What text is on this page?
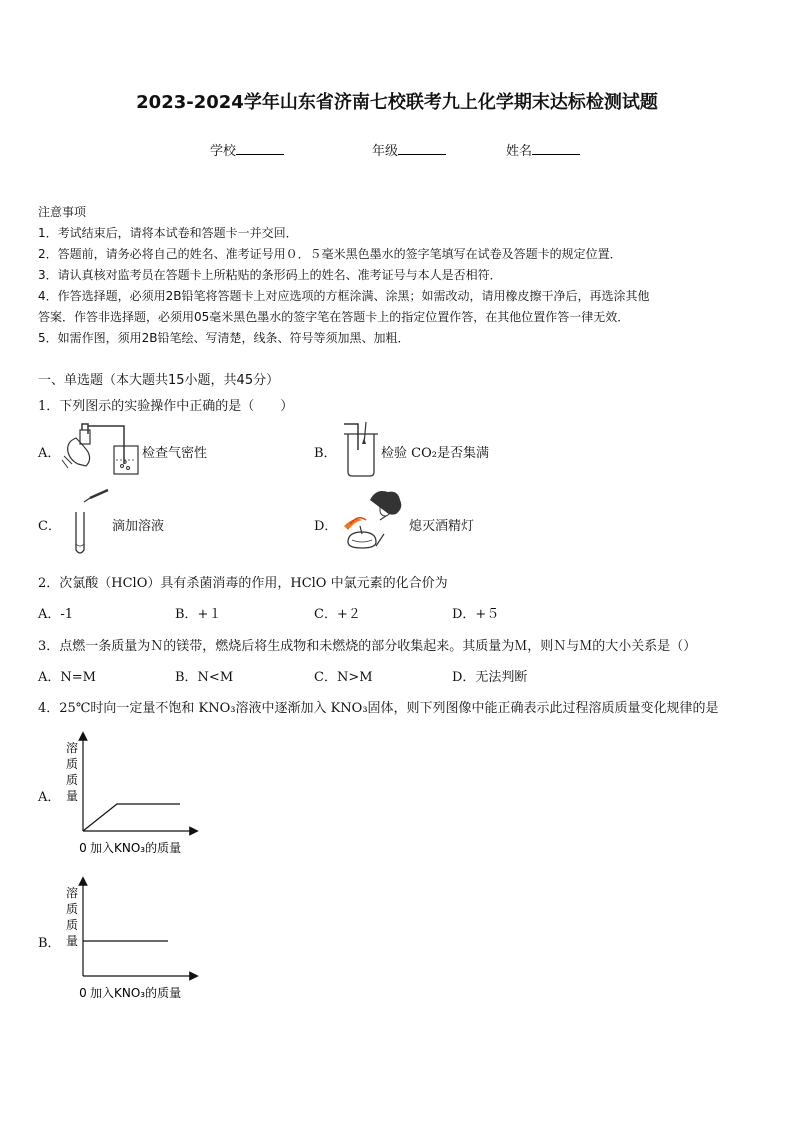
2023-2024学年山东省济南七校联考九上化学期末达标检测试题
学校	年级	姓名
注意事项
1．考试结束后，请将本试卷和答题卡一并交回．
2．答题前，请务必将自己的姓名、准考证号用０．５毫米黑色墨水的签字笔填写在试卷及答题卡的规定位置．
3．请认真核对监考员在答题卡上所粘贴的条形码上的姓名、准考证号与本人是否相符．
4．作答选择题，必须用2B铅笔将答题卡上对应选项的方框涂满、涂黑；如需改动，请用橡皮擦干净后，再选涂其他
答案．作答非选择题，必须用05毫米黑色墨水的签字笔在答题卡上的指定位置作答，在其他位置作答一律无效．
5．如需作图，须用2B铅笔绘、写清楚，线条、符号等须加黑、加粗．
一、单选题（本大题共15小题，共45分）
1．下列图示的实验操作中正确的是（　　）
A．	检查气密性	B．	检验 CO₂是否集满
C．	滴加溶液	D．	熄灭酒精灯
2．次氯酸（HClO）具有杀菌消毒的作用，HClO 中氯元素的化合价为
A．-1	B．+１	C．+２	D．+５
3．点燃一条质量为Ｎ的镁带，燃烧后将生成物和未燃烧的部分收集起来。其质量为Ｍ，则Ｎ与Ｍ的大小关系是（）
A．N=M	B．N<M	C．N>M	D．无法判断
4．25℃时向一定量不饱和 KNO₃溶液中逐渐加入 KNO₃固体，则下列图像中能正确表示此过程溶质质量变化规律的是
A．
溶
质
质
量
0 加入KNO₃的质量
B．
溶
质
质
量
0 加入KNO₃的质量
